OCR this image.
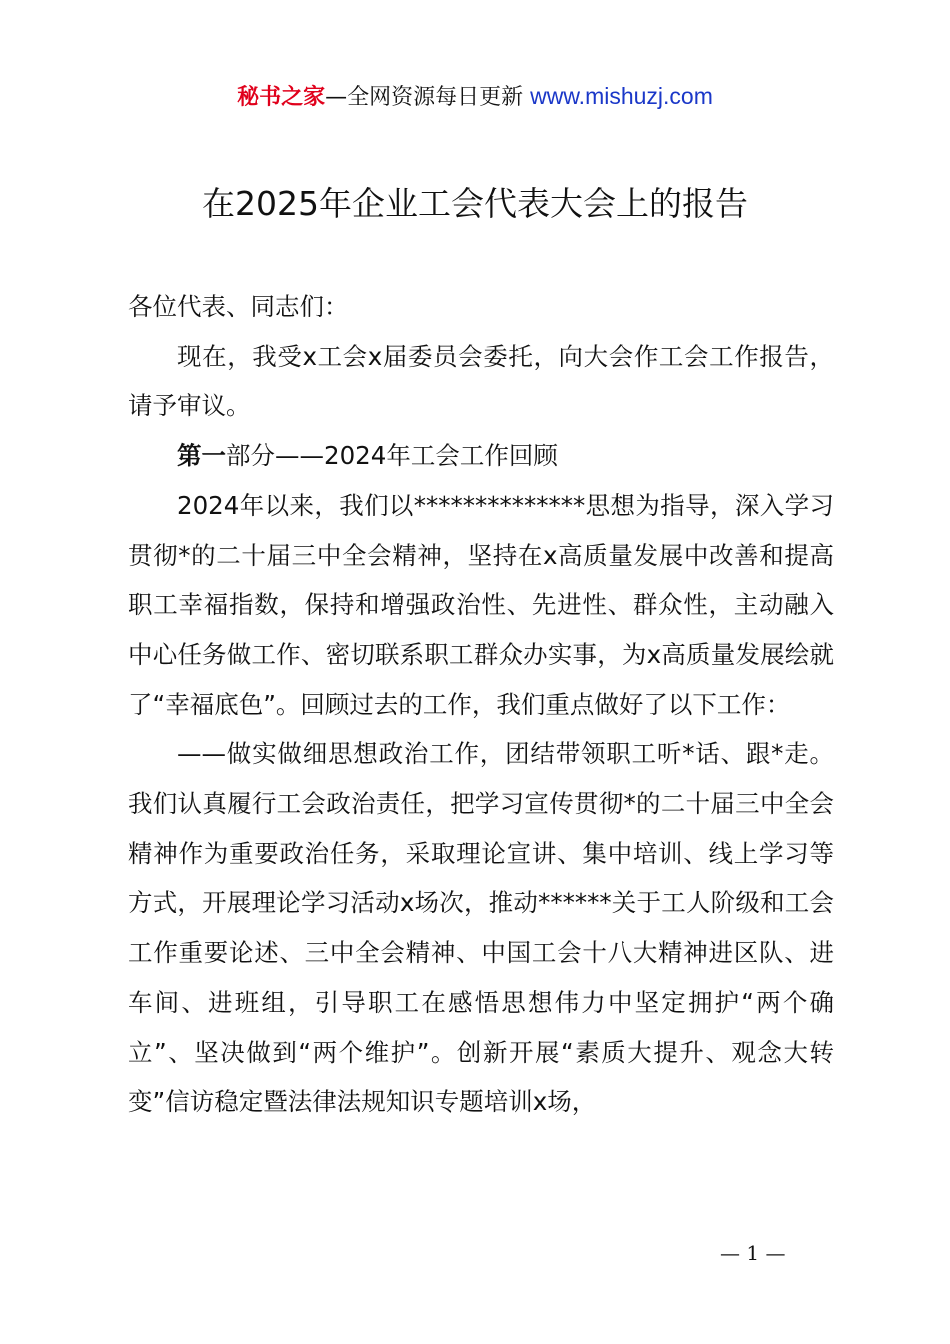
秘书之家—全网资源每日更新 www.mishuzj.com
在2025年企业工会代表大会上的报告

各位代表、同志们：

现在，我受x工会x届委员会委托，向大会作工会工作报告，请予审议。

第一部分——2024年工会工作回顾

2024年以来，我们以**************思想为指导，深入学习贯彻*的二十届三中全会精神，坚持在x高质量发展中改善和提高职工幸福指数，保持和增强政治性、先进性、群众性，主动融入中心任务做工作、密切联系职工群众办实事，为x高质量发展绘就了“幸福底色”。回顾过去的工作，我们重点做好了以下工作：

——做实做细思想政治工作，团结带领职工听*话、跟*走。我们认真履行工会政治责任，把学习宣传贯彻*的二十届三中全会精神作为重要政治任务，采取理论宣讲、集中培训、线上学习等方式，开展理论学习活动x场次，推动******关于工人阶级和工会工作重要论述、三中全会精神、中国工会十八大精神进区队、进车间、进班组，引导职工在感悟思想伟力中坚定拥护“两个确立”、坚决做到“两个维护”。创新开展“素质大提升、观念大转变”信访稳定暨法律法规知识专题培训x场，

— 1 —
